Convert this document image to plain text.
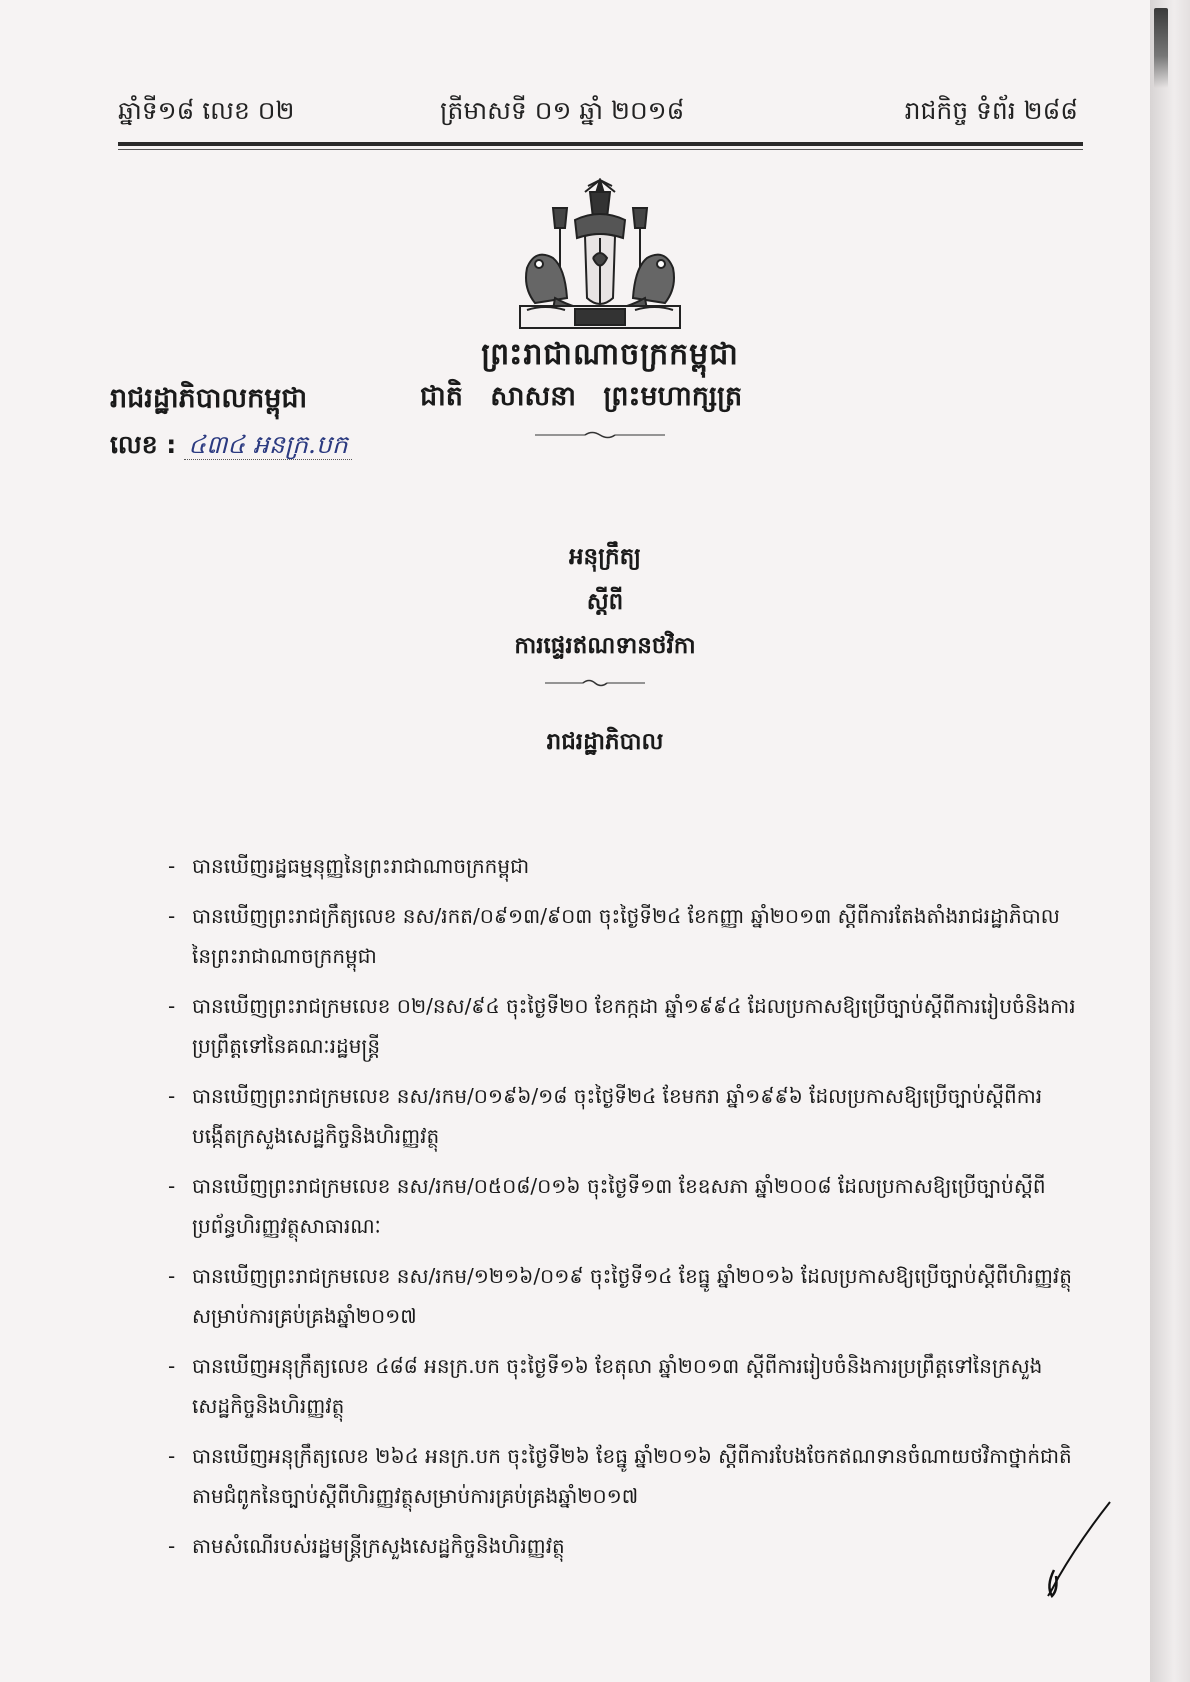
ឆ្នាំទី១៨ លេខ ០២	ត្រីមាសទី ០១ ឆ្នាំ ២០១៨	រាជកិច្ច ទំព័រ ២៨៨
ព្រះរាជាណាចក្រកម្ពុជា
រាជរដ្ឋាភិបាលកម្ពុជា	ជាតិ សាសនា ព្រះមហាក្សត្រ
លេខ : ៤៣៤ អនក្រ.បក
អនុក្រឹត្យ
ស្តីពី
ការផ្ទេរឥណទានថវិកា
រាជរដ្ឋាភិបាល
- បានឃើញរដ្ឋធម្មនុញ្ញនៃព្រះរាជាណាចក្រកម្ពុជា
- បានឃើញព្រះរាជក្រឹត្យលេខ នស/រកត/០៩១៣/៩០៣ ចុះថ្ងៃទី២៤ ខែកញ្ញា ឆ្នាំ២០១៣ ស្តីពីការតែងតាំងរាជរដ្ឋាភិបាលនៃព្រះរាជាណាចក្រកម្ពុជា
- បានឃើញព្រះរាជក្រមលេខ ០២/នស/៩៤ ចុះថ្ងៃទី២០ ខែកក្កដា ឆ្នាំ១៩៩៤ ដែលប្រកាសឱ្យប្រើច្បាប់ស្តីពីការរៀបចំនិងការប្រព្រឹត្តទៅនៃគណៈរដ្ឋមន្ត្រី
- បានឃើញព្រះរាជក្រមលេខ នស/រកម/០១៩៦/១៨ ចុះថ្ងៃទី២៤ ខែមករា ឆ្នាំ១៩៩៦ ដែលប្រកាសឱ្យប្រើច្បាប់ស្តីពីការបង្កើតក្រសួងសេដ្ឋកិច្ចនិងហិរញ្ញវត្ថុ
- បានឃើញព្រះរាជក្រមលេខ នស/រកម/០៥០៨/០១៦ ចុះថ្ងៃទី១៣ ខែឧសភា ឆ្នាំ២០០៨ ដែលប្រកាសឱ្យប្រើច្បាប់ស្តីពីប្រព័ន្ធហិរញ្ញវត្ថុសាធារណៈ
- បានឃើញព្រះរាជក្រមលេខ នស/រកម/១២១៦/០១៩ ចុះថ្ងៃទី១៤ ខែធ្នូ ឆ្នាំ២០១៦ ដែលប្រកាសឱ្យប្រើច្បាប់ស្តីពីហិរញ្ញវត្ថុសម្រាប់ការគ្រប់គ្រងឆ្នាំ២០១៧
- បានឃើញអនុក្រឹត្យលេខ ៤៨៨ អនក្រ.បក ចុះថ្ងៃទី១៦ ខែតុលា ឆ្នាំ២០១៣ ស្តីពីការរៀបចំនិងការប្រព្រឹត្តទៅនៃក្រសួងសេដ្ឋកិច្ចនិងហិរញ្ញវត្ថុ
- បានឃើញអនុក្រឹត្យលេខ ២៦៤ អនក្រ.បក ចុះថ្ងៃទី២៦ ខែធ្នូ ឆ្នាំ២០១៦ ស្តីពីការបែងចែកឥណទានចំណាយថវិកាថ្នាក់ជាតិតាមជំពូកនៃច្បាប់ស្តីពីហិរញ្ញវត្ថុសម្រាប់ការគ្រប់គ្រងឆ្នាំ២០១៧
- តាមសំណើរបស់រដ្ឋមន្ត្រីក្រសួងសេដ្ឋកិច្ចនិងហិរញ្ញវត្ថុ
